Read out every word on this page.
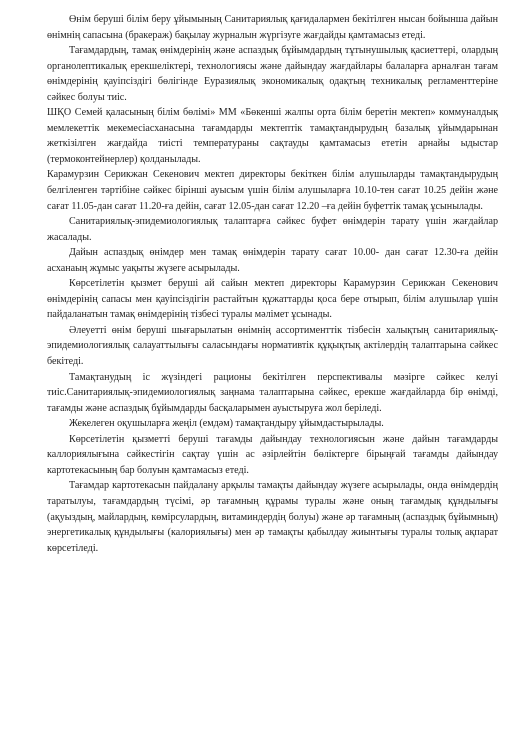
Өнім беруші білім беру ұйымының Санитариялық қағидалармен бекітілген нысан бойынша дайын өнімнің сапасына (бракераж) бақылау журналын жүргізуге жағдайды қамтамасыз етеді.

Тағамдардың, тамақ өнімдерінің және аспаздық бұйымдардың тұтынушылық қасиеттері, олардың органолептикалық ерекшеліктері, технологиясы және дайындау жағдайлары балаларға арналған тағам өнімдерінің қауіпсіздігі бөлігінде Еуразиялық экономикалық одақтың техникалық регламенттеріне сәйкес болуы тиіс.

ШҚО Семей қаласының білім бөлімі» ММ «Бөкенші жалпы орта білім беретін мектеп» коммуналдық мемлекеттік мекемесіасханасына тағамдарды мектептік тамақтандырудың базалық ұйымдарынан жеткізілген жағдайда тиісті температураны сақтауды қамтамасыз ететін арнайы ыдыстар (термоконтейнерлер) қолданылады.

Карамурзин Серикжан Секенович мектеп директоры бекіткен білім алушыларды тамақтандырудың белгіленген тәртібіне сәйкес бірінші ауысым үшін білім алушыларға 10.10-тен сағат 10.25 дейін және сағат 11.05-дан сағат 11.20-ға дейін, сағат 12.05-дан сағат 12.20 –ға дейін буфеттік тамақ ұсынылады.

Санитариялық-эпидемиологиялық талаптарға сәйкес буфет өнімдерін тарату үшін жағдайлар жасалады.

Дайын аспаздық өнімдер мен тамақ өнімдерін тарату сағат 10.00- дан сағат 12.30-ға дейін асханаың жұмыс уақыты жүзеге асырылады.

Көрсетілетін қызмет беруші ай сайын мектеп директоры Карамурзин Серикжан Секенович өнімдерінің сапасы мен қауіпсіздігін растайтын құжаттарды қоса бере отырып, білім алушылар үшін пайдаланатын тамақ өнімдерінің тізбесі туралы мәлімет ұсынады.

Әлеуетті өнім беруші шығарылатын өнімнің ассортименттік тізбесін халықтың санитариялық-эпидемиологиялық салауаттылығы саласындағы нормативтік құқықтық актілердің талаптарына сәйкес бекітеді.

Тамақтанудың іс жүзіндегі рационы бекітілген перспективалы мәзірге сәйкес келуі тиіс.Санитариялық-эпидемиологиялық заңнама талаптарына сәйкес, ерекше жағдайларда бір өнімді, тағамды және аспаздық бұйымдарды басқаларымен ауыстыруға жол беріледі.

Жекелеген оқушыларға жеңіл (емдәм) тамақтандыру ұйымдастырылады.

Көрсетілетін қызметті беруші тағамды дайындау технологиясын және дайын тағамдарды каллориялығына сәйкестігін сақтау үшін ас әзірлейтін бөліктерге бірыңғай тағамды дайындау картотекасының бар болуын қамтамасыз етеді.

Тағамдар картотекасын пайдалану арқылы тамақты дайындау жүзеге асырылады, онда өнімдердің таратылуы, тағамдардың түсімі, әр тағамның құрамы туралы және оның тағамдық құндылығы (ақуыздың, майлардың, көмірсулардың, витаминдердің болуы) және әр тағамның (аспаздық бұйымның) энергетикалық құндылығы (калориялығы) мен әр тамақты қабылдау жиынтығы туралы толық ақпарат көрсетіледі.
